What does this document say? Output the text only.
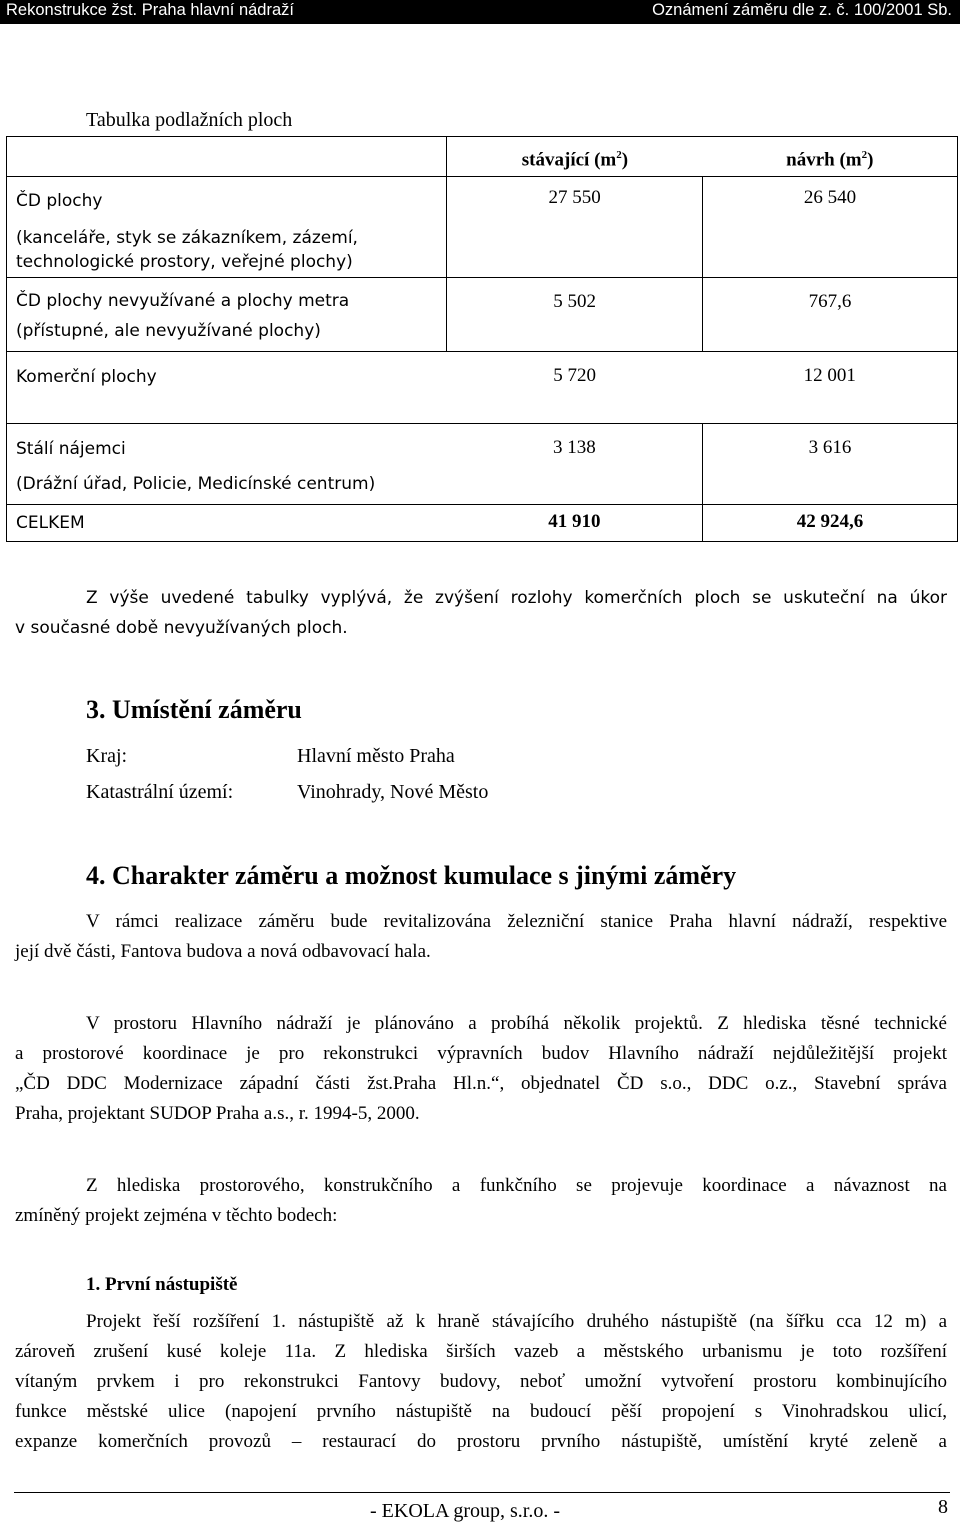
Rekonstrukce žst. Praha hlavní nádraží	Oznámení záměru dle z. č. 100/2001 Sb.
Tabulka podlažních ploch

	stávající $(m^2)$	návrh $(m^2)$

ČD plochy
(kanceláře, styk se zákazníkem, zázemí,
technologické prostory, veřejné plochy)	27 550	26 540

ČD plochy nevyužívané a plochy metra
(přístupné, ale nevyužívané plochy)	5 502	767,6

Komerční plochy	5 720	12 001

Stálí nájemci
(Drážní úřad, Policie, Medicínské centrum)	3 138	3 616

CELKEM	41 910	42 924,6
Z výše uvedené tabulky vyplývá, že zvýšení rozlohy komerčních ploch se uskuteční na úkor
v současné době nevyužívaných ploch.
3. Umístění záměru
Kraj:	Hlavní město Praha
Katastrální území:	Vinohrady, Nové Město
4. Charakter záměru a možnost kumulace s jinými záměry
V rámci realizace záměru bude revitalizována železniční stanice Praha hlavní nádraží, respektive
její dvě části, Fantova budova a nová odbavovací hala.
V prostoru Hlavního nádraží je plánováno a probíhá několik projektů. Z hlediska těsné technické
a prostorové koordinace je pro rekonstrukci výpravních budov Hlavního nádraží nejdůležitější projekt
„ČD DDC Modernizace západní části žst.Praha Hl.n.“, objednatel ČD s.o., DDC o.z., Stavební správa
Praha, projektant SUDOP Praha a.s., r. 1994-5, 2000.
Z hlediska prostorového, konstrukčního a funkčního se projevuje koordinace a návaznost na
zmíněný projekt zejména v těchto bodech:
1. První nástupiště
Projekt řeší rozšíření 1. nástupiště až k hraně stávajícího druhého nástupiště (na šířku cca 12 m) a
zároveň zrušení kusé koleje 11a. Z hlediska širších vazeb a městského urbanismu je toto rozšíření
vítaným prvkem i pro rekonstrukci Fantovy budovy, neboť umožní vytvoření prostoru kombinujícího
funkce městské ulice (napojení prvního nástupiště na budoucí pěší propojení s Vinohradskou ulicí,
expanze komerčních provozů – restaurací do prostoru prvního nástupiště, umístění kryté zeleně a
- EKOLA group, s.r.o. -	8
